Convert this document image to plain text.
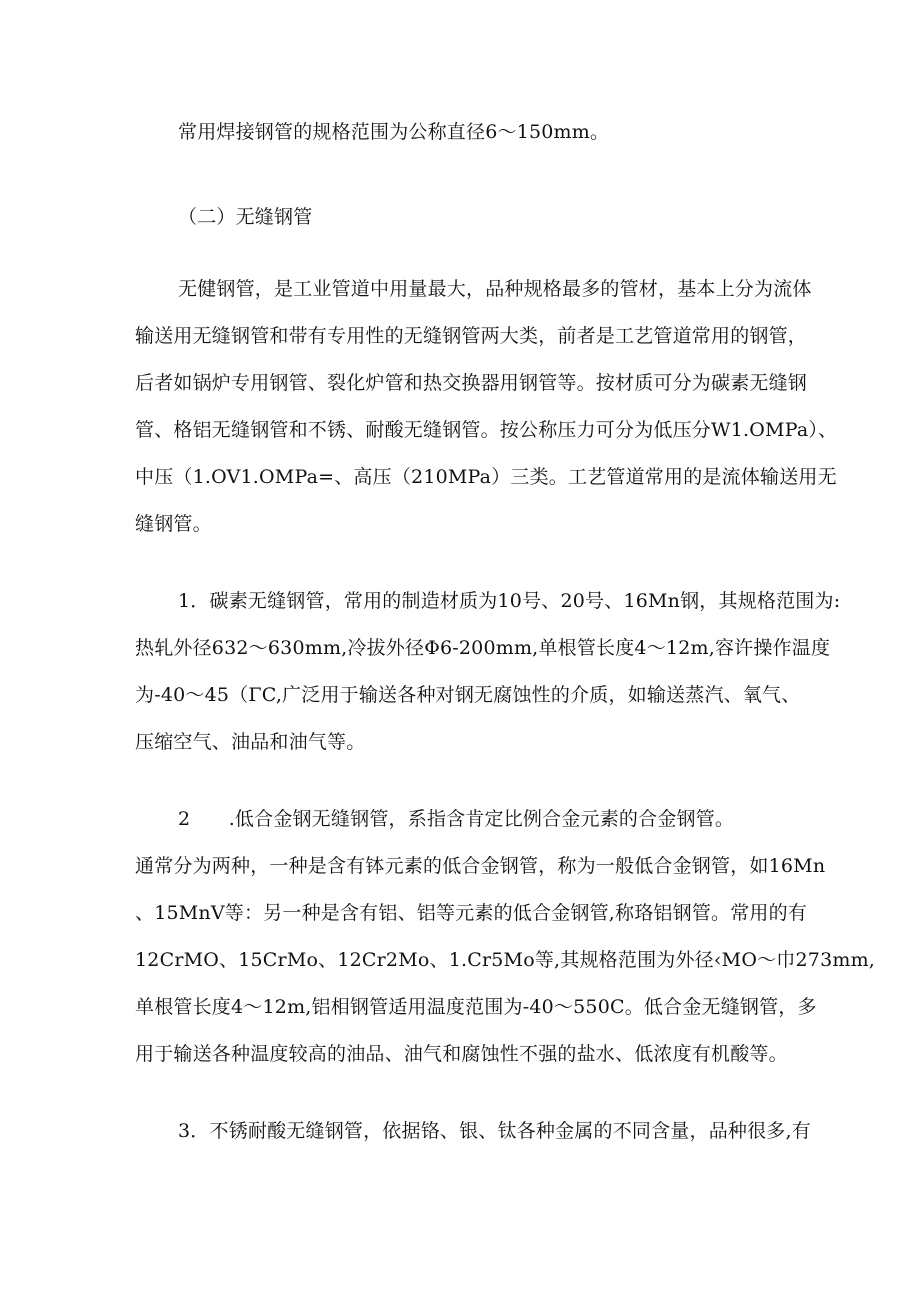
常用焊接钢管的规格范围为公称直径6～150mm。
（二）无缝钢管
无健钢管，是工业管道中用量最大，品种规格最多的管材，基本上分为流体
输送用无缝钢管和带有专用性的无缝钢管两大类，前者是工艺管道常用的钢管，
后者如锅炉专用钢管、裂化炉管和热交换器用钢管等。按材质可分为碳素无缝钢
管、格铝无缝钢管和不锈、耐酸无缝钢管。按公称压力可分为低压分W1.OMPa）、
中压（1.OV1.OMPa=、高压（210MPa）三类。工艺管道常用的是流体输送用无
缝钢管。
1．碳素无缝钢管，常用的制造材质为10号、20号、16Mn钢，其规格范围为:
热轧外径632～630mm,冷拔外径Φ6-200mm,单根管长度4～12m,容许操作温度
为-40～45（ΓC,广泛用于输送各种对钢无腐蚀性的介质，如输送蒸汽、氧气、
压缩空气、油品和油气等。
2　　.低合金钢无缝钢管，系指含肯定比例合金元素的合金钢管。
通常分为两种，一种是含有钵元素的低合金钢管，称为一般低合金钢管，如16Mn
、15MnV等：另一种是含有铝、铝等元素的低合金钢管,称珞铝钢管。常用的有
12CrMO、15CrMo、12Cr2Mo、1.Cr5Mo等,其规格范围为外径‹MO～巾273mm,
单根管长度4～12m,铝相钢管适用温度范围为-40～550C。低合金无缝钢管，多
用于输送各种温度较高的油品、油气和腐蚀性不强的盐水、低浓度有机酸等。
3．不锈耐酸无缝钢管，依据铬、银、钛各种金属的不同含量，品种很多,有
